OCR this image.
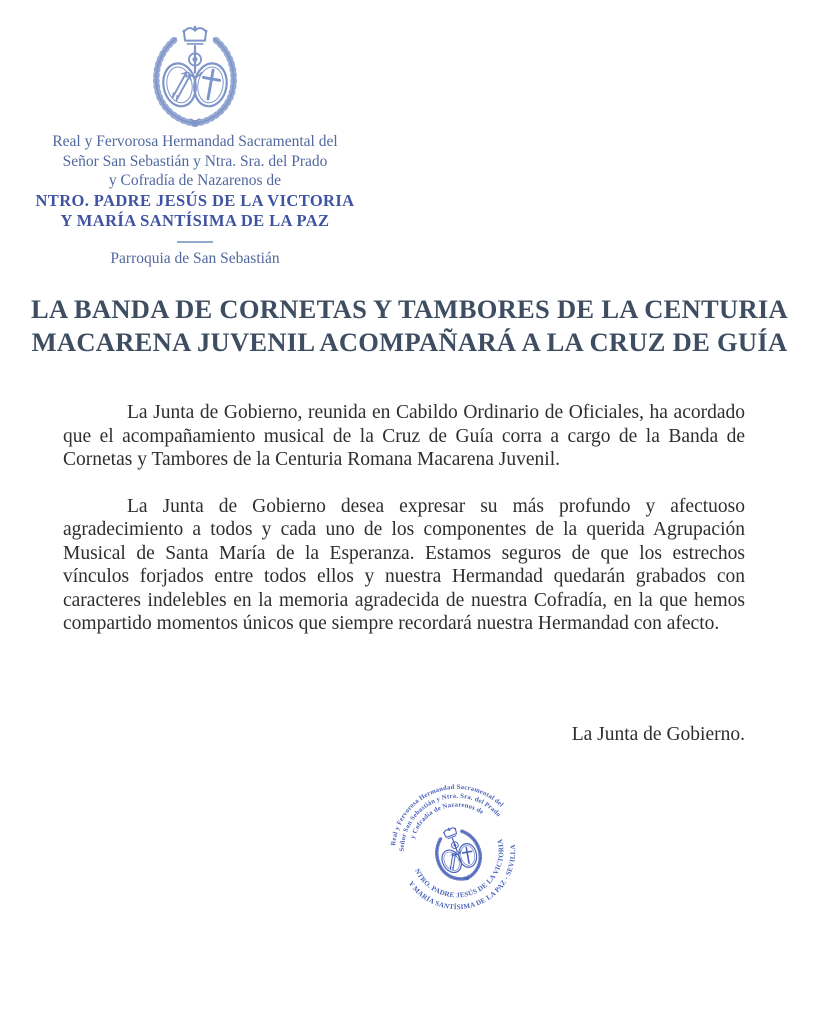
Real y Fervorosa Hermandad Sacramental del
Señor San Sebastián y Ntra. Sra. del Prado
y Cofradía de Nazarenos de
NTRO. PADRE JESÚS DE LA VICTORIA
Y MARÍA SANTÍSIMA DE LA PAZ
Parroquia de San Sebastián
LA BANDA DE CORNETAS Y TAMBORES DE LA CENTURIA
MACARENA JUVENIL ACOMPAÑARÁ A LA CRUZ DE GUÍA

La Junta de Gobierno, reunida en Cabildo Ordinario de Oficiales, ha acordado que el acompañamiento musical de la Cruz de Guía corra a cargo de la Banda de Cornetas y Tambores de la Centuria Romana Macarena Juvenil.

La Junta de Gobierno desea expresar su más profundo y afectuoso agradecimiento a todos y cada uno de los componentes de la querida Agrupación Musical de Santa María de la Esperanza. Estamos seguros de que los estrechos vínculos forjados entre todos ellos y nuestra Hermandad quedarán grabados con caracteres indelebles en la memoria agradecida de nuestra Cofradía, en la que hemos compartido momentos únicos que siempre recordará nuestra Hermandad con afecto.

La Junta de Gobierno.
Real y Fervorosa Hermandad Sacramental del
Señor San Sebastián y Ntra. Sra. del Prado
y Cofradía de Nazarenos de
NTRO. PADRE JESÚS DE LA VICTORIA
Y MARÍA SANTÍSIMA DE LA PAZ - SEVILLA
